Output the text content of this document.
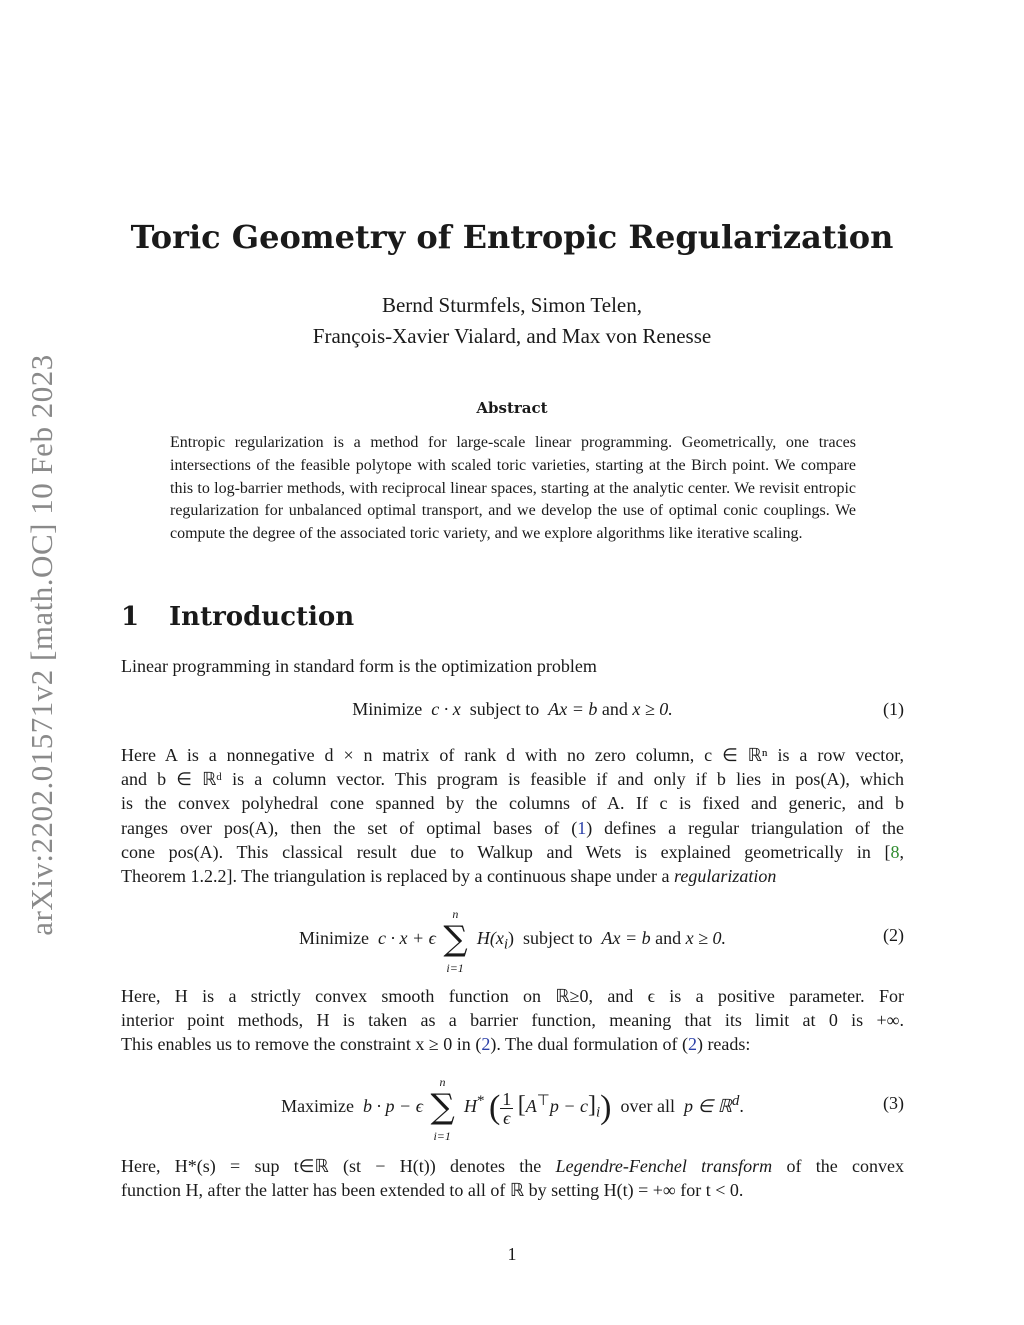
arXiv:2202.01571v2 [math.OC] 10 Feb 2023
Toric Geometry of Entropic Regularization
Bernd Sturmfels, Simon Telen,
François-Xavier Vialard, and Max von Renesse
Abstract
Entropic regularization is a method for large-scale linear programming. Geometrically, one traces intersections of the feasible polytope with scaled toric varieties, starting at the Birch point. We compare this to log-barrier methods, with reciprocal linear spaces, starting at the analytic center. We revisit entropic regularization for unbalanced optimal transport, and we develop the use of optimal conic couplings. We compute the degree of the associated toric variety, and we explore algorithms like iterative scaling.
1 Introduction
Linear programming in standard form is the optimization problem
Minimize c · x subject to Ax = b and x ≥ 0.	(1)
Here A is a nonnegative d × n matrix of rank d with no zero column, c ∈ ℝⁿ is a row vector,
and b ∈ ℝᵈ is a column vector. This program is feasible if and only if b lies in pos(A), which
is the convex polyhedral cone spanned by the columns of A. If c is fixed and generic, and b
ranges over pos(A), then the set of optimal bases of (1) defines a regular triangulation of the
cone pos(A). This classical result due to Walkup and Wets is explained geometrically in [8,
Theorem 1.2.2]. The triangulation is replaced by a continuous shape under a regularization
Minimize c · x + ϵ
n
∑
i=1
$H(x_i)$ subject to Ax = b and x ≥ 0.	(2)
Here, H is a strictly convex smooth function on ℝ≥0, and ϵ is a positive parameter. For
interior point methods, H is taken as a barrier function, meaning that its limit at 0 is +∞.
This enables us to remove the constraint x ≥ 0 in (2). The dual formulation of (2) reads:
Maximize b · p − ϵ
n
∑
i=1
H* ( $\frac{1}{\epsilon} [A^⊤p - c]_i$) over all p ∈ ℝ$^d$.	(3)
Here, H*(s) = sup t∈ℝ (st − H(t)) denotes the Legendre-Fenchel transform of the convex
function H, after the latter has been extended to all of ℝ by setting H(t) = +∞ for t < 0.
1
